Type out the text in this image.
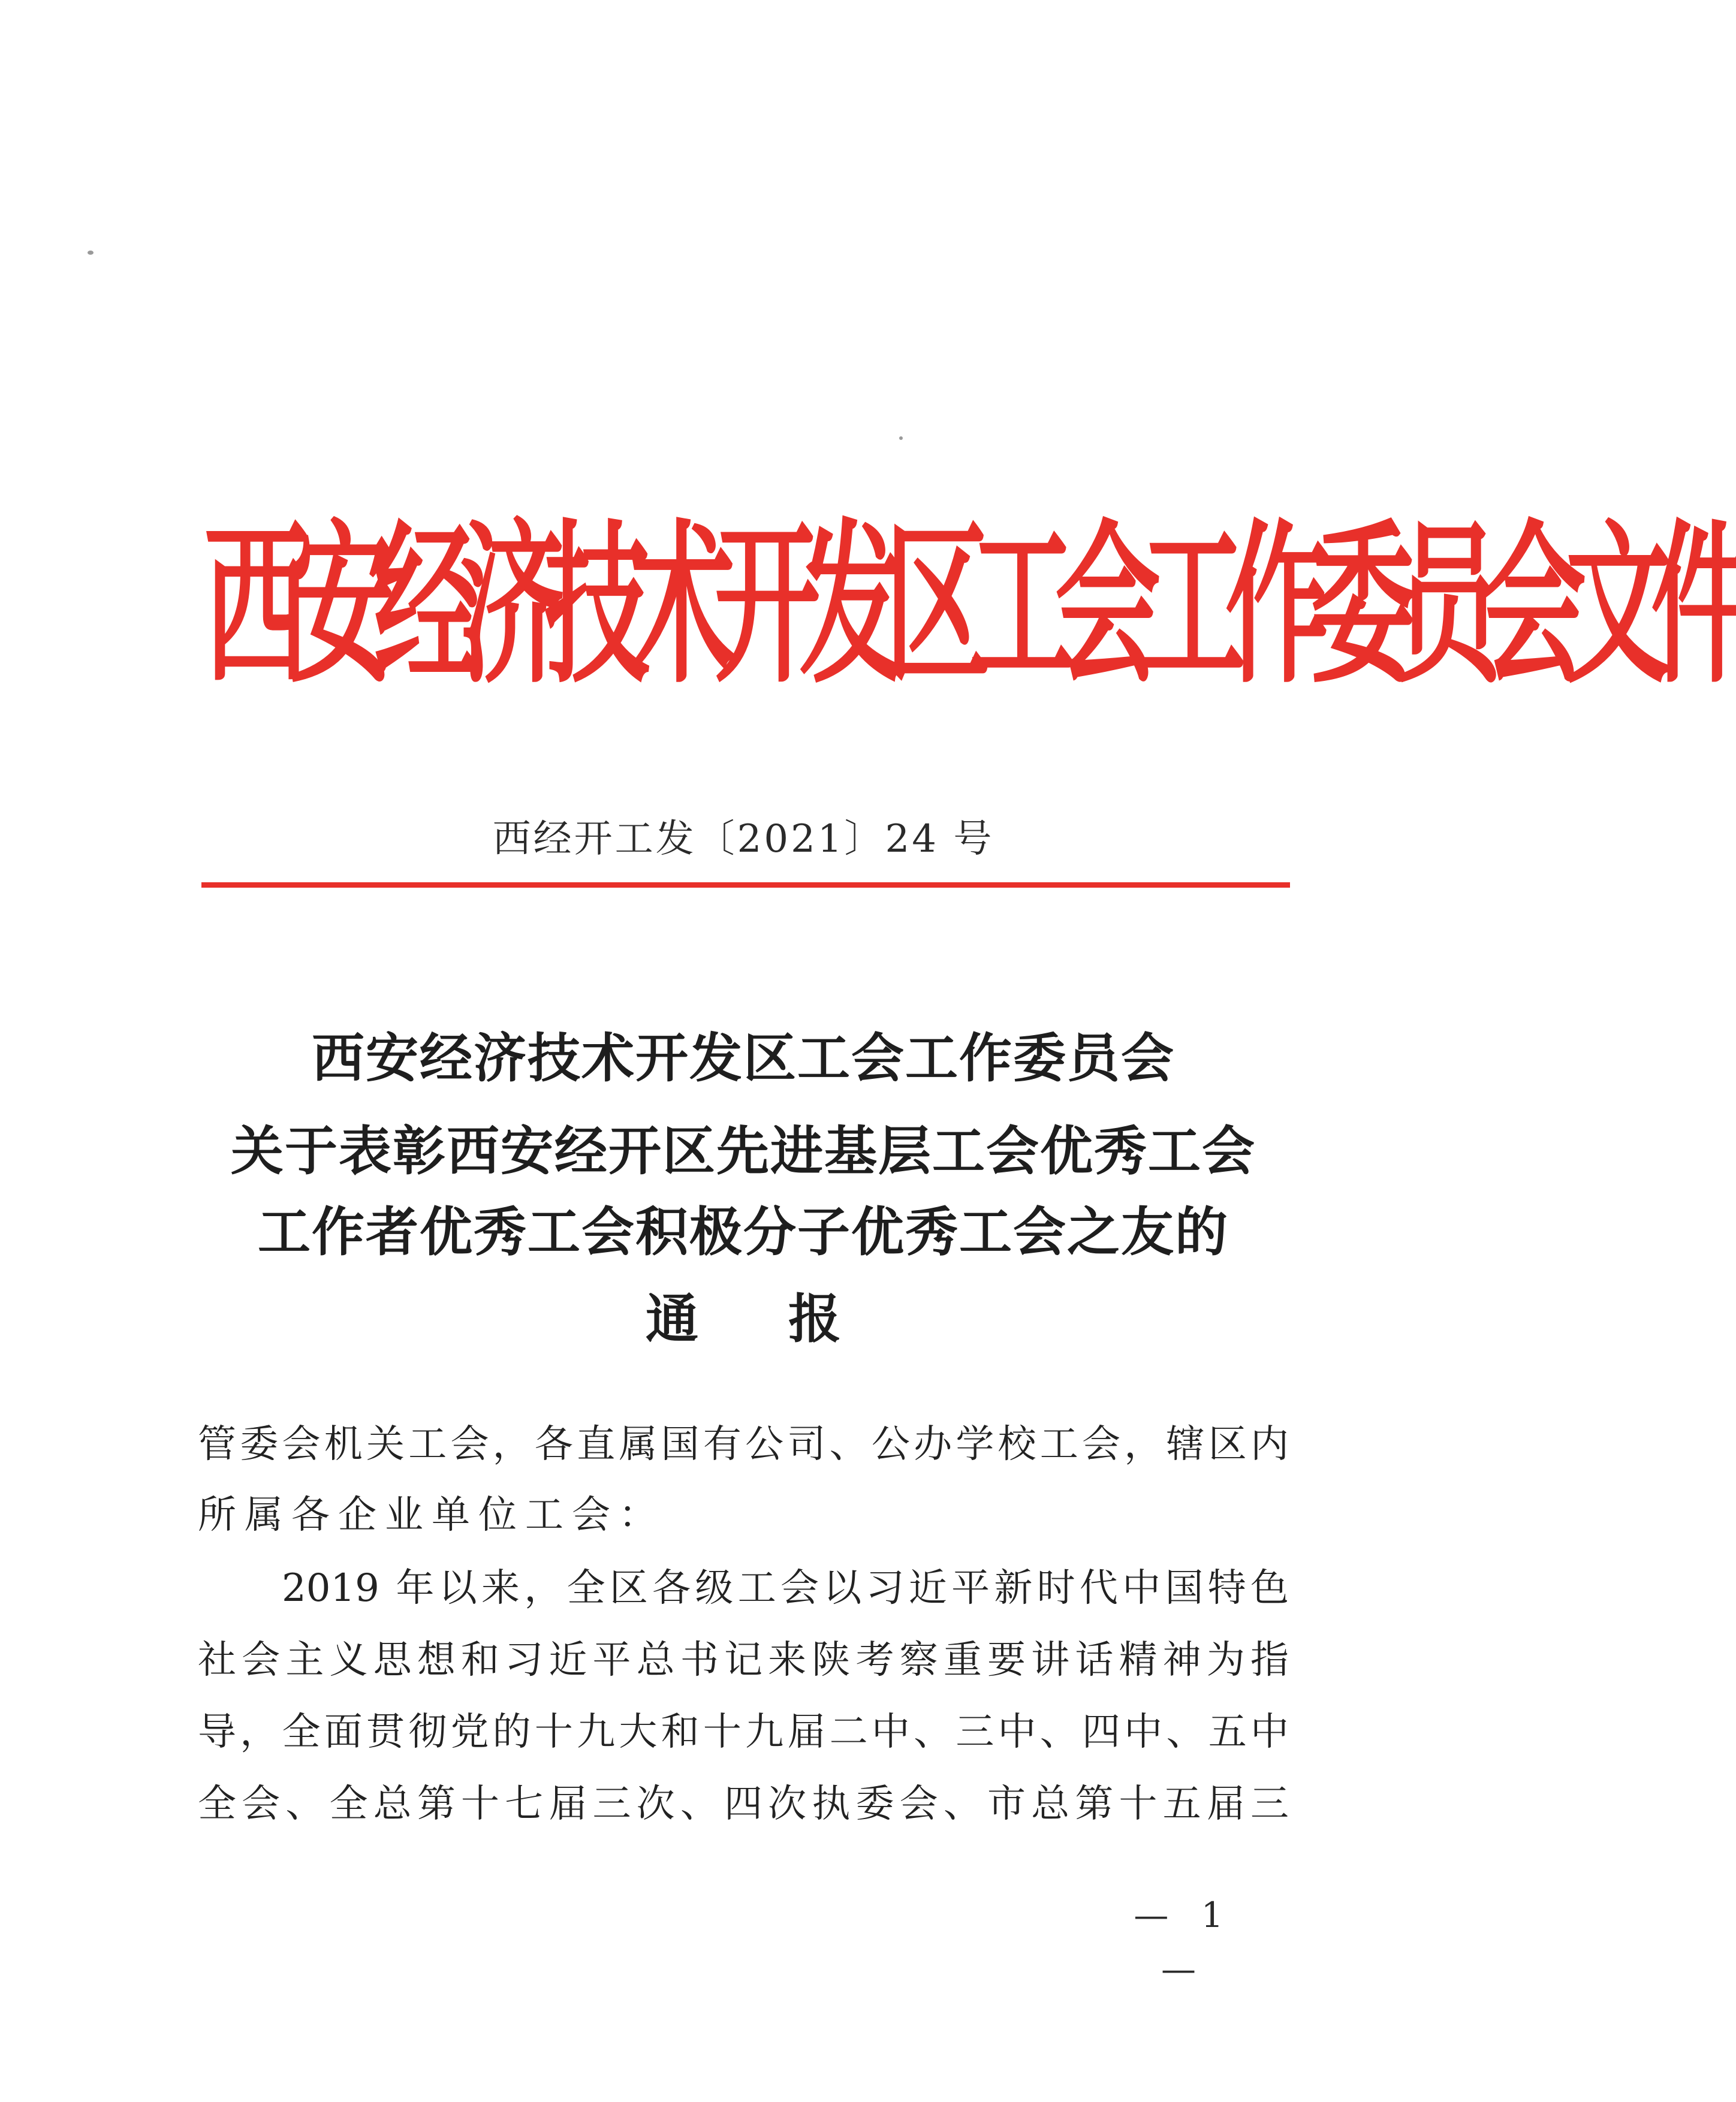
西安经济技术开发区工会工作委员会文件
西经开工发〔2021〕24 号
西安经济技术开发区工会工作委员会
关于表彰西安经开区先进基层工会优秀工会
工作者优秀工会积极分子优秀工会之友的
通报
管委会机关工会，各直属国有公司、公办学校工会，辖区内
所属各企业单位工会：
2019 年以来，全区各级工会以习近平新时代中国特色
社会主义思想和习近平总书记来陕考察重要讲话精神为指
导，全面贯彻党的十九大和十九届二中、三中、四中、五中
全会、全总第十七届三次、四次执委会、市总第十五届三
— 1 —
